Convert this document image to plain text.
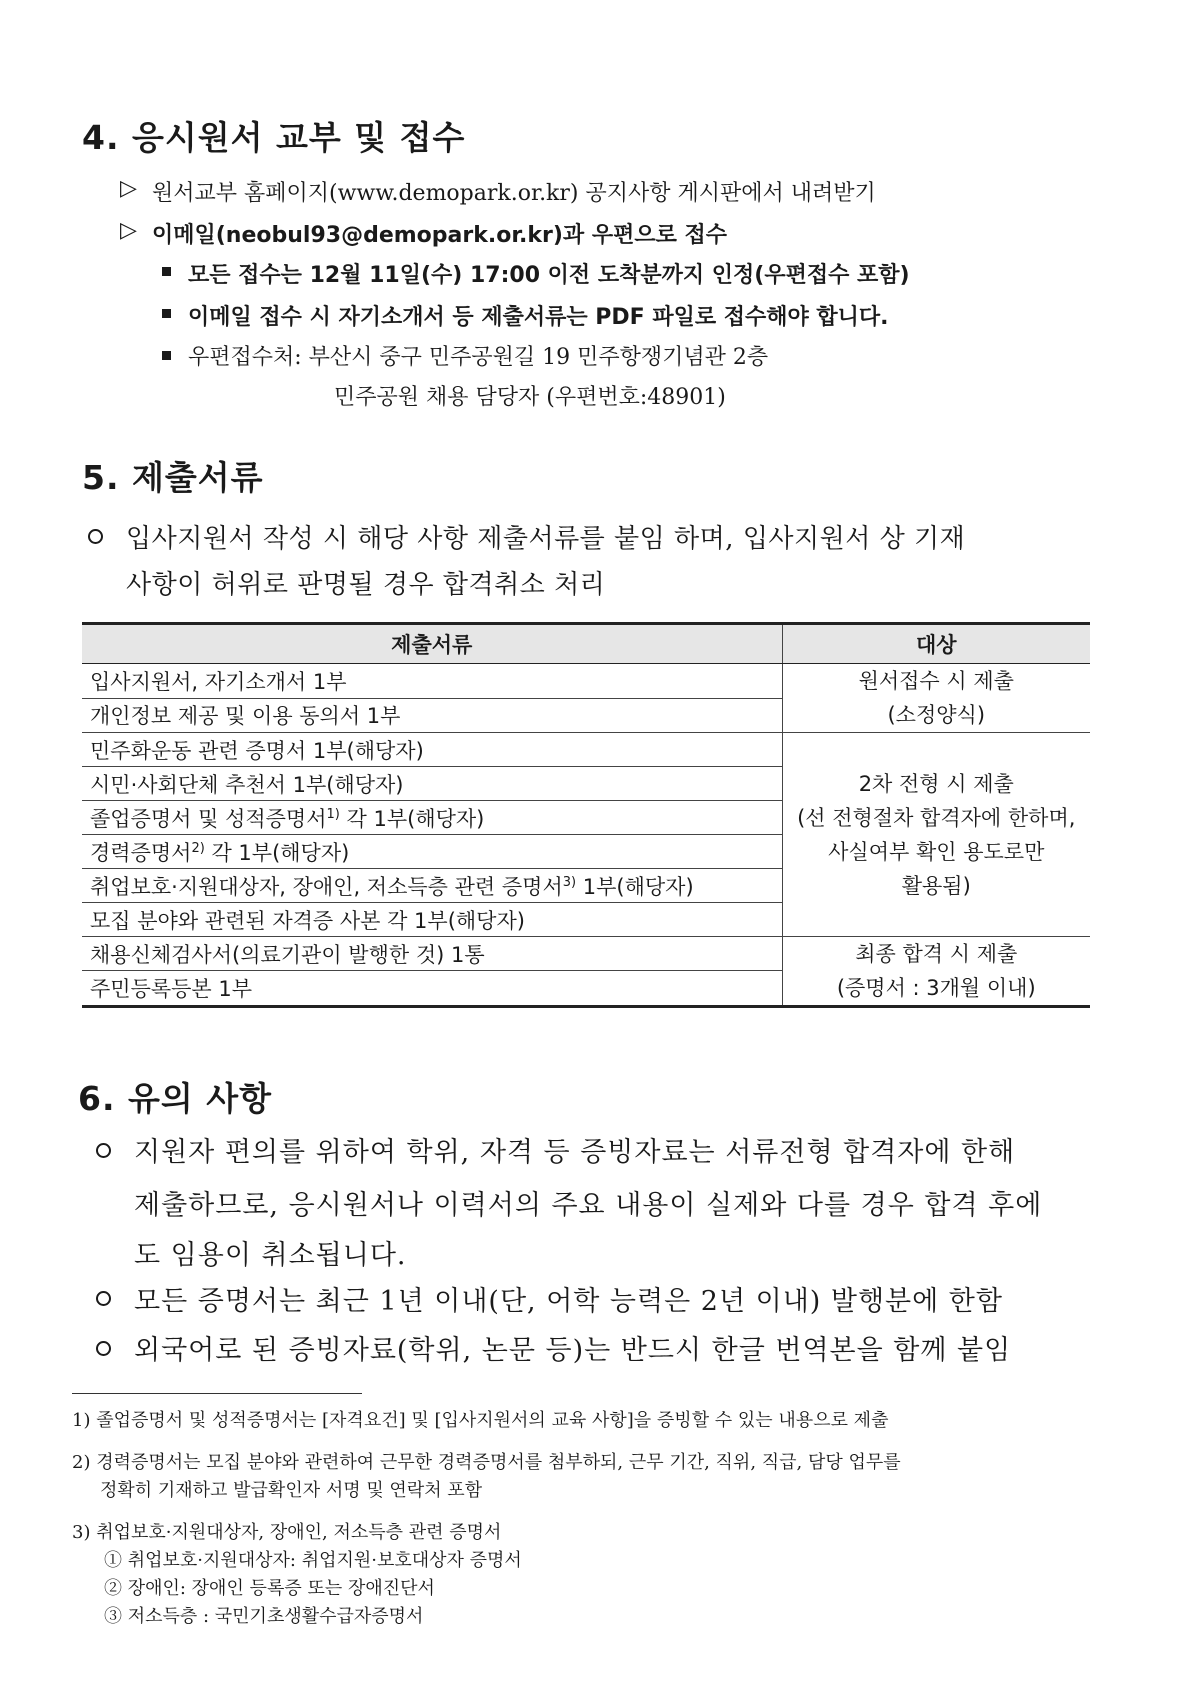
4. 응시원서 교부 및 접수
▷ 원서교부 홈페이지(www.demopark.or.kr) 공지사항 게시판에서 내려받기
▷ 이메일(neobul93@demopark.or.kr)과 우편으로 접수
모든 접수는 12월 11일(수) 17:00 이전 도착분까지 인정(우편접수 포함)
이메일 접수 시 자기소개서 등 제출서류는 PDF 파일로 접수해야 합니다.
우편접수처: 부산시 중구 민주공원길 19 민주항쟁기념관 2층
민주공원 채용 담당자 (우편번호:48901)
5. 제출서류
입사지원서 작성 시 해당 사항 제출서류를 붙임 하며, 입사지원서 상 기재
사항이 허위로 판명될 경우 합격취소 처리
제출서류	대상
입사지원서, 자기소개서 1부	원서접수 시 제출
(소정양식)

개인정보 제공 및 이용 동의서 1부	
민주화운동 관련 증명서 1부(해당자)	2차 전형 시 제출
(선 전형절차 합격자에 한하며,
사실여부 확인 용도로만
활용됨)

시민·사회단체 추천서 1부(해당자)	
졸업증명서 및 성적증명서$^{1)}$ 각 1부(해당자)	
경력증명서$^{2)}$ 각 1부(해당자)	
취업보호·지원대상자, 장애인, 저소득층 관련 증명서$^{3)}$ 1부(해당자)	
모집 분야와 관련된 자격증 사본 각 1부(해당자)	
채용신체검사서(의료기관이 발행한 것) 1통	최종 합격 시 제출
(증명서 : 3개월 이내)

주민등록등본 1부	
6. 유의 사항
지원자 편의를 위하여 학위, 자격 등 증빙자료는 서류전형 합격자에 한해
제출하므로, 응시원서나 이력서의 주요 내용이 실제와 다를 경우 합격 후에
도 임용이 취소됩니다.
모든 증명서는 최근 1년 이내(단, 어학 능력은 2년 이내) 발행분에 한함
외국어로 된 증빙자료(학위, 논문 등)는 반드시 한글 번역본을 함께 붙임
1) 졸업증명서 및 성적증명서는 [자격요건] 및 [입사지원서의 교육 사항]을 증빙할 수 있는 내용으로 제출
2) 경력증명서는 모집 분야와 관련하여 근무한 경력증명서를 첨부하되, 근무 기간, 직위, 직급, 담당 업무를
정확히 기재하고 발급확인자 서명 및 연락처 포함
3) 취업보호·지원대상자, 장애인, 저소득층 관련 증명서
① 취업보호·지원대상자: 취업지원·보호대상자 증명서
② 장애인: 장애인 등록증 또는 장애진단서
③ 저소득층 : 국민기초생활수급자증명서
